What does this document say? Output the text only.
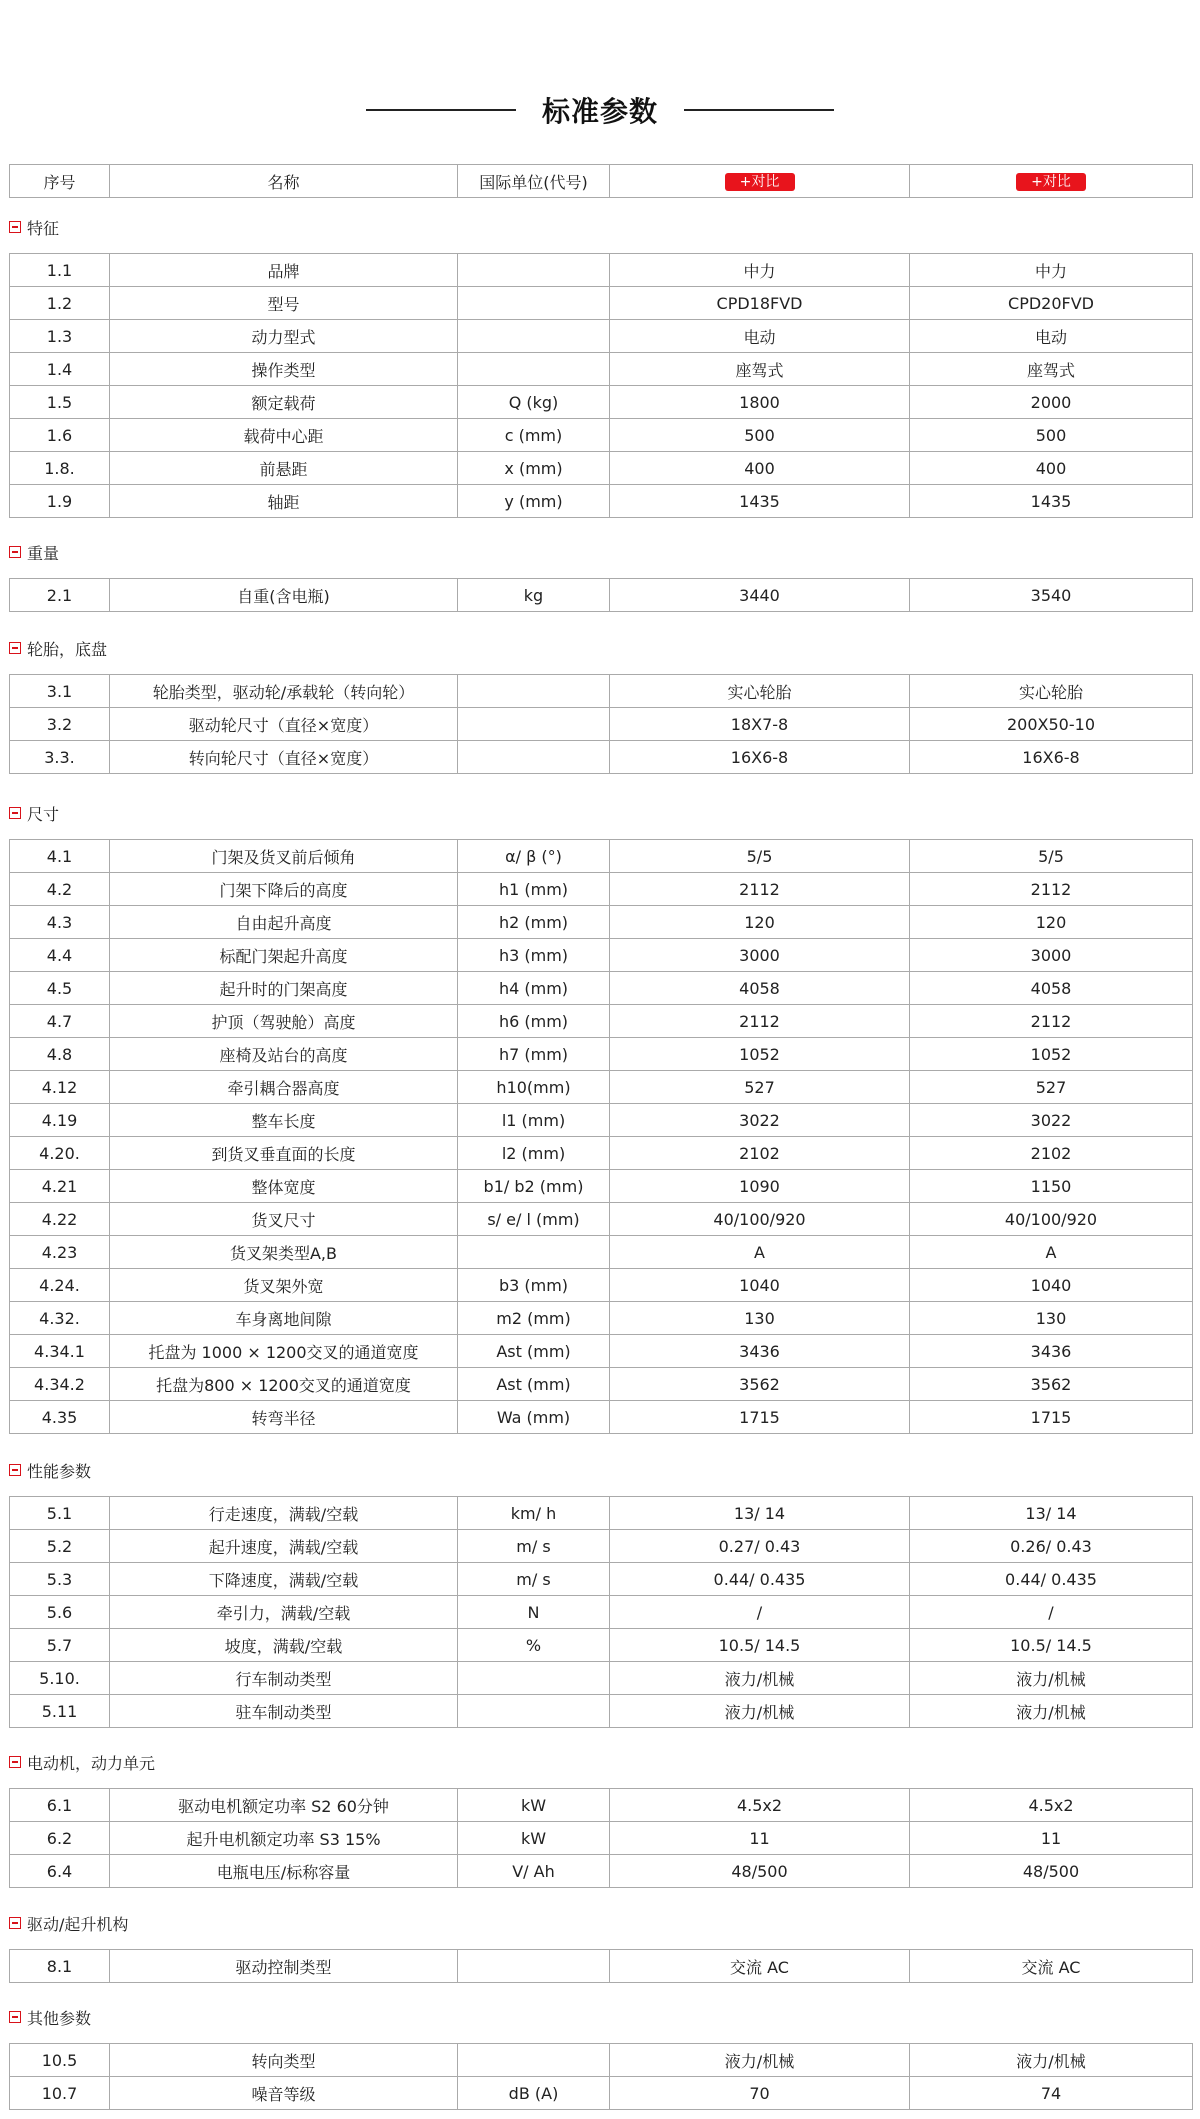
标准参数
序号	名称	国际单位(代号)	+对比	+对比
特征
1.1	品牌		中力	中力
1.2	型号		CPD18FVD	CPD20FVD
1.3	动力型式		电动	电动
1.4	操作类型		座驾式	座驾式
1.5	额定载荷	Q (kg)	1800	2000
1.6	载荷中心距	c (mm)	500	500
1.8.	前悬距	x (mm)	400	400
1.9	轴距	y (mm)	1435	1435
重量
2.1	自重(含电瓶)	kg	3440	3540
轮胎，底盘
3.1	轮胎类型，驱动轮/承载轮（转向轮）		实心轮胎	实心轮胎
3.2	驱动轮尺寸（直径×宽度）		18X7-8	200X50-10
3.3.	转向轮尺寸（直径×宽度）		16X6-8	16X6-8
尺寸
4.1	门架及货叉前后倾角	α/ β (°)	5/5	5/5
4.2	门架下降后的高度	h1 (mm)	2112	2112
4.3	自由起升高度	h2 (mm)	120	120
4.4	标配门架起升高度	h3 (mm)	3000	3000
4.5	起升时的门架高度	h4 (mm)	4058	4058
4.7	护顶（驾驶舱）高度	h6 (mm)	2112	2112
4.8	座椅及站台的高度	h7 (mm)	1052	1052
4.12	牵引耦合器高度	h10(mm)	527	527
4.19	整车长度	l1 (mm)	3022	3022
4.20.	到货叉垂直面的长度	l2 (mm)	2102	2102
4.21	整体宽度	b1/ b2 (mm)	1090	1150
4.22	货叉尺寸	s/ e/ l (mm)	40/100/920	40/100/920
4.23	货叉架类型A,B		A	A
4.24.	货叉架外宽	b3 (mm)	1040	1040
4.32.	车身离地间隙	m2 (mm)	130	130
4.34.1	托盘为 1000 × 1200交叉的通道宽度	Ast (mm)	3436	3436
4.34.2	托盘为800 × 1200交叉的通道宽度	Ast (mm)	3562	3562
4.35	转弯半径	Wa (mm)	1715	1715
性能参数
5.1	行走速度，满载/空载	km/ h	13/ 14	13/ 14
5.2	起升速度，满载/空载	m/ s	0.27/ 0.43	0.26/ 0.43
5.3	下降速度，满载/空载	m/ s	0.44/ 0.435	0.44/ 0.435
5.6	牵引力，满载/空载	N	/	/
5.7	坡度，满载/空载	%	10.5/ 14.5	10.5/ 14.5
5.10.	行车制动类型		液力/机械	液力/机械
5.11	驻车制动类型		液力/机械	液力/机械
电动机，动力单元
6.1	驱动电机额定功率 S2 60分钟	kW	4.5x2	4.5x2
6.2	起升电机额定功率 S3 15%	kW	11	11
6.4	电瓶电压/标称容量	V/ Ah	48/500	48/500
驱动/起升机构
8.1	驱动控制类型		交流 AC	交流 AC
其他参数
10.5	转向类型		液力/机械	液力/机械
10.7	噪音等级	dB (A)	70	74
